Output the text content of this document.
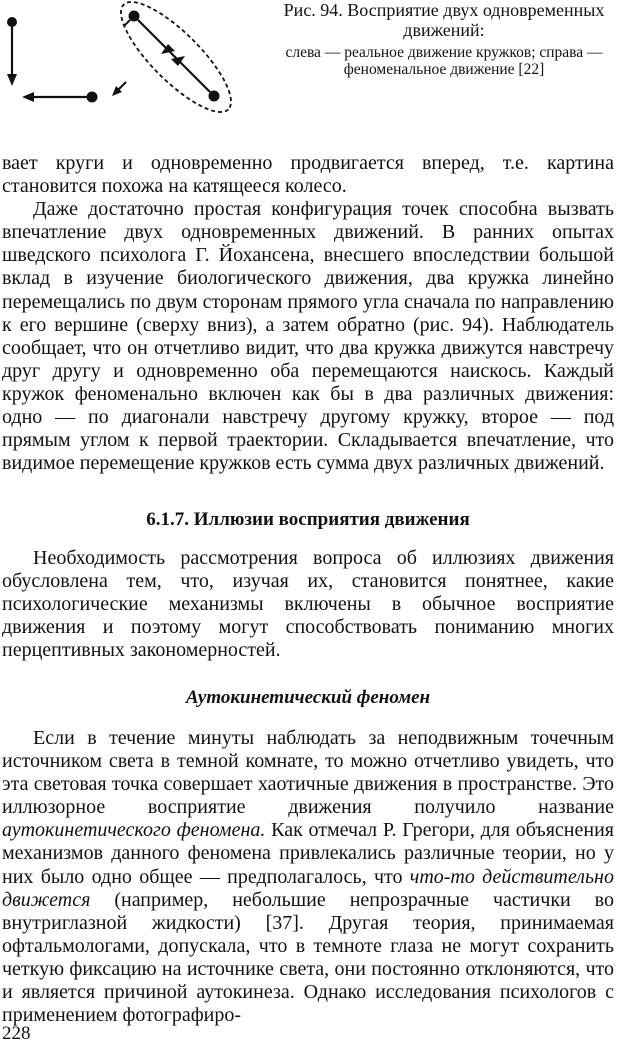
Рис. 94. Восприятие двух одновременных движений:
слева — реальное движение кружков; справа — феноменальное движение [22]

вает круги и одновременно продвигается вперед, т.е. картина становится похожа на катящееся колесо.

Даже достаточно простая конфигурация точек способна вызвать впечатление двух одновременных движений. В ранних опытах шведского психолога Г. Йохансена, внесшего впоследствии большой вклад в изучение биологического движения, два кружка линейно перемещались по двум сторонам прямого угла сначала по направлению к его вершине (сверху вниз), а затем обратно (рис. 94). Наблюдатель сообщает, что он отчетливо видит, что два кружка движутся навстречу друг другу и одновременно оба перемещаются наискось. Каждый кружок феноменально включен как бы в два различных движения: одно — по диагонали навстречу другому кружку, второе — под прямым углом к первой траектории. Складывается впечатление, что видимое перемещение кружков есть сумма двух различных движений.

6.1.7. Иллюзии восприятия движения

Необходимость рассмотрения вопроса об иллюзиях движения обусловлена тем, что, изучая их, становится понятнее, какие психологические механизмы включены в обычное восприятие движения и поэтому могут способствовать пониманию многих перцептивных закономерностей.

Аутокинетический феномен

Если в течение минуты наблюдать за неподвижным точечным источником света в темной комнате, то можно отчетливо увидеть, что эта световая точка совершает хаотичные движения в пространстве. Это иллюзорное восприятие движения получило название аутокинетического феномена. Как отмечал Р. Грегори, для объяснения механизмов данного феномена привлекались различные теории, но у них было одно общее — предполагалось, что что-то действительно движется (например, небольшие непрозрачные частички во внутриглазной жидкости) [37]. Другая теория, принимаемая офтальмологами, допускала, что в темноте глаза не могут сохранить четкую фиксацию на источнике света, они постоянно отклоняются, что и является причиной аутокинеза. Однако исследования психологов с применением фотографиро-

228
